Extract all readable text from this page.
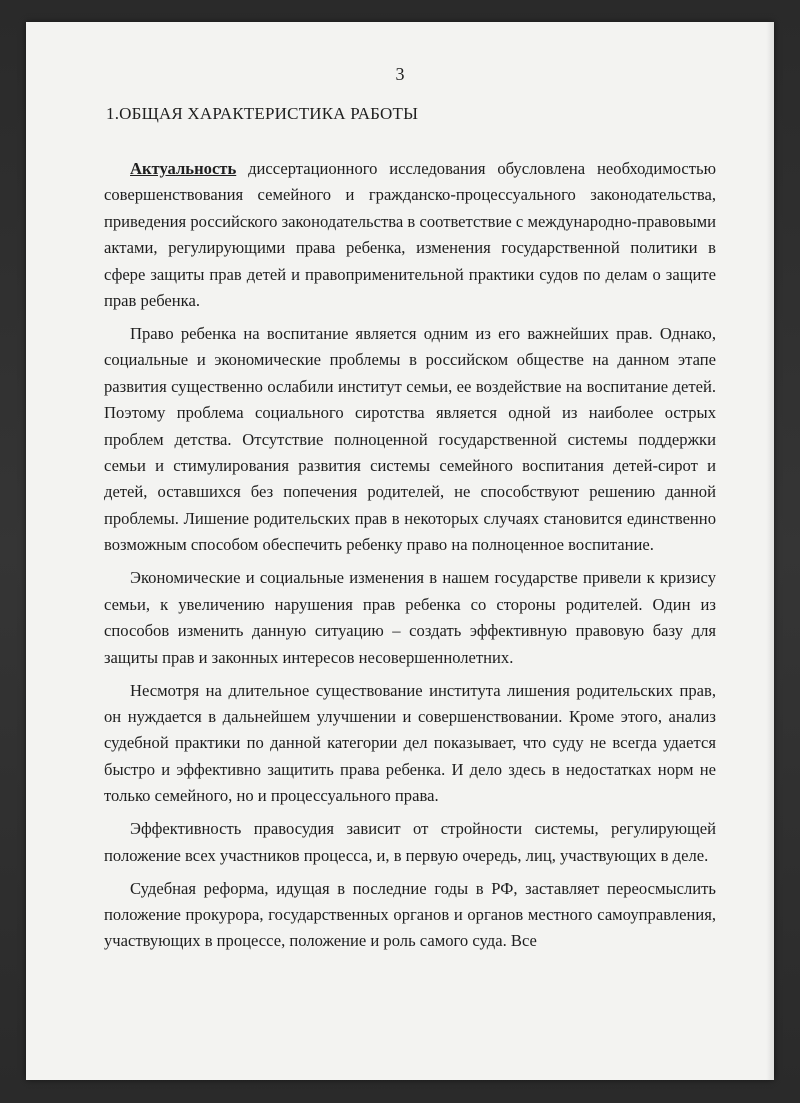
3
1.ОБЩАЯ ХАРАКТЕРИСТИКА РАБОТЫ

Актуальность диссертационного исследования обусловлена необходимостью совершенствования семейного и гражданско-процессуального законодательства, приведения российского законодательства в соответствие с международно-правовыми актами, регулирующими права ребенка, изменения государственной политики в сфере защиты прав детей и правоприменительной практики судов по делам о защите прав ребенка.

Право ребенка на воспитание является одним из его важнейших прав. Однако, социальные и экономические проблемы в российском обществе на данном этапе развития существенно ослабили институт семьи, ее воздействие на воспитание детей. Поэтому проблема социального сиротства является одной из наиболее острых проблем детства. Отсутствие полноценной государственной системы поддержки семьи и стимулирования развития системы семейного воспитания детей-сирот и детей, оставшихся без попечения родителей, не способствуют решению данной проблемы. Лишение родительских прав в некоторых случаях становится единственно возможным способом обеспечить ребенку право на полноценное воспитание.

Экономические и социальные изменения в нашем государстве привели к кризису семьи, к увеличению нарушения прав ребенка со стороны родителей. Один из способов изменить данную ситуацию – создать эффективную правовую базу для защиты прав и законных интересов несовершеннолетних.

Несмотря на длительное существование института лишения родительских прав, он нуждается в дальнейшем улучшении и совершенствовании. Кроме этого, анализ судебной практики по данной категории дел показывает, что суду не всегда удается быстро и эффективно защитить права ребенка. И дело здесь в недостатках норм не только семейного, но и процессуального права.

Эффективность правосудия зависит от стройности системы, регулирующей положение всех участников процесса, и, в первую очередь, лиц, участвующих в деле.

Судебная реформа, идущая в последние годы в РФ, заставляет переосмыслить положение прокурора, государственных органов и органов местного самоуправления, участвующих в процессе, положение и роль самого суда. Все
